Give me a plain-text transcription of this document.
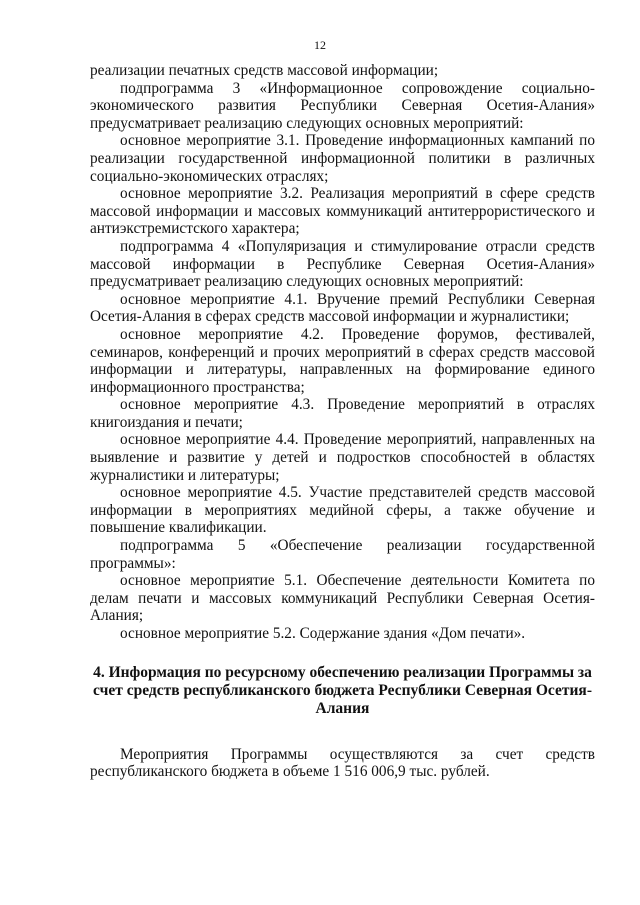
12

реализации печатных средств массовой информации;

подпрограмма 3 «Информационное сопровождение социально-экономического развития Республики Северная Осетия-Алания» предусматривает реализацию следующих основных мероприятий:

основное мероприятие 3.1. Проведение информационных кампаний по реализации государственной информационной политики в различных социально-экономических отраслях;

основное мероприятие 3.2. Реализация мероприятий в сфере средств массовой информации и массовых коммуникаций антитеррористического и антиэкстремистского характера;

подпрограмма 4 «Популяризация и стимулирование отрасли средств массовой информации в Республике Северная Осетия-Алания» предусматривает реализацию следующих основных мероприятий:

основное мероприятие 4.1. Вручение премий Республики Северная Осетия-Алания в сферах средств массовой информации и журналистики;

основное мероприятие 4.2. Проведение форумов, фестивалей, семинаров, конференций и прочих мероприятий в сферах средств массовой информации и литературы, направленных на формирование единого информационного пространства;

основное мероприятие 4.3. Проведение мероприятий в отраслях книгоиздания и печати;

основное мероприятие 4.4. Проведение мероприятий, направленных на выявление и развитие у детей и подростков способностей в областях журналистики и литературы;

основное мероприятие 4.5. Участие представителей средств массовой информации в мероприятиях медийной сферы, а также обучение и повышение квалификации.

подпрограмма 5 «Обеспечение реализации государственной программы»:

основное мероприятие 5.1. Обеспечение деятельности Комитета по делам печати и массовых коммуникаций Республики Северная Осетия-Алания;

основное мероприятие 5.2. Содержание здания «Дом печати».

4. Информация по ресурсному обеспечению реализации Программы за счет средств республиканского бюджета Республики Северная Осетия-Алания

Мероприятия Программы осуществляются за счет средств республиканского бюджета в объеме 1 516 006,9 тыс. рублей.
